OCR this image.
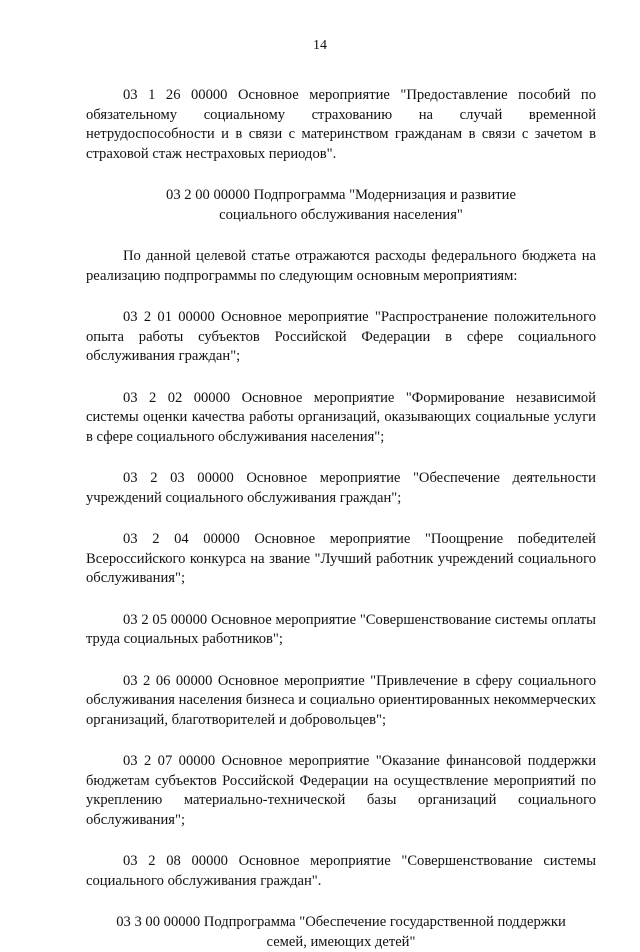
14

03 1 26 00000 Основное мероприятие "Предоставление пособий по обязательному социальному страхованию на случай временной нетрудоспособности и в связи с материнством гражданам в связи с зачетом в страховой стаж нестраховых периодов".

03 2 00 00000 Подпрограмма "Модернизация и развитие
социального обслуживания населения"

По данной целевой статье отражаются расходы федерального бюджета на реализацию подпрограммы по следующим основным мероприятиям:

03 2 01 00000 Основное мероприятие "Распространение положительного опыта работы субъектов Российской Федерации в сфере социального обслуживания граждан";

03 2 02 00000 Основное мероприятие "Формирование независимой системы оценки качества работы организаций, оказывающих социальные услуги в сфере социального обслуживания населения";

03 2 03 00000 Основное мероприятие "Обеспечение деятельности учреждений социального обслуживания граждан";

03 2 04 00000 Основное мероприятие "Поощрение победителей Всероссийского конкурса на звание "Лучший работник учреждений социального обслуживания";

03 2 05 00000 Основное мероприятие "Совершенствование системы оплаты труда социальных работников";

03 2 06 00000 Основное мероприятие "Привлечение в сферу социального обслуживания населения бизнеса и социально ориентированных некоммерческих организаций, благотворителей и добровольцев";

03 2 07 00000 Основное мероприятие "Оказание финансовой поддержки бюджетам субъектов Российской Федерации на осуществление мероприятий по укреплению материально-технической базы организаций социального обслуживания";

03 2 08 00000 Основное мероприятие "Совершенствование системы социального обслуживания граждан".

03 3 00 00000 Подпрограмма "Обеспечение государственной поддержки
семей, имеющих детей"
